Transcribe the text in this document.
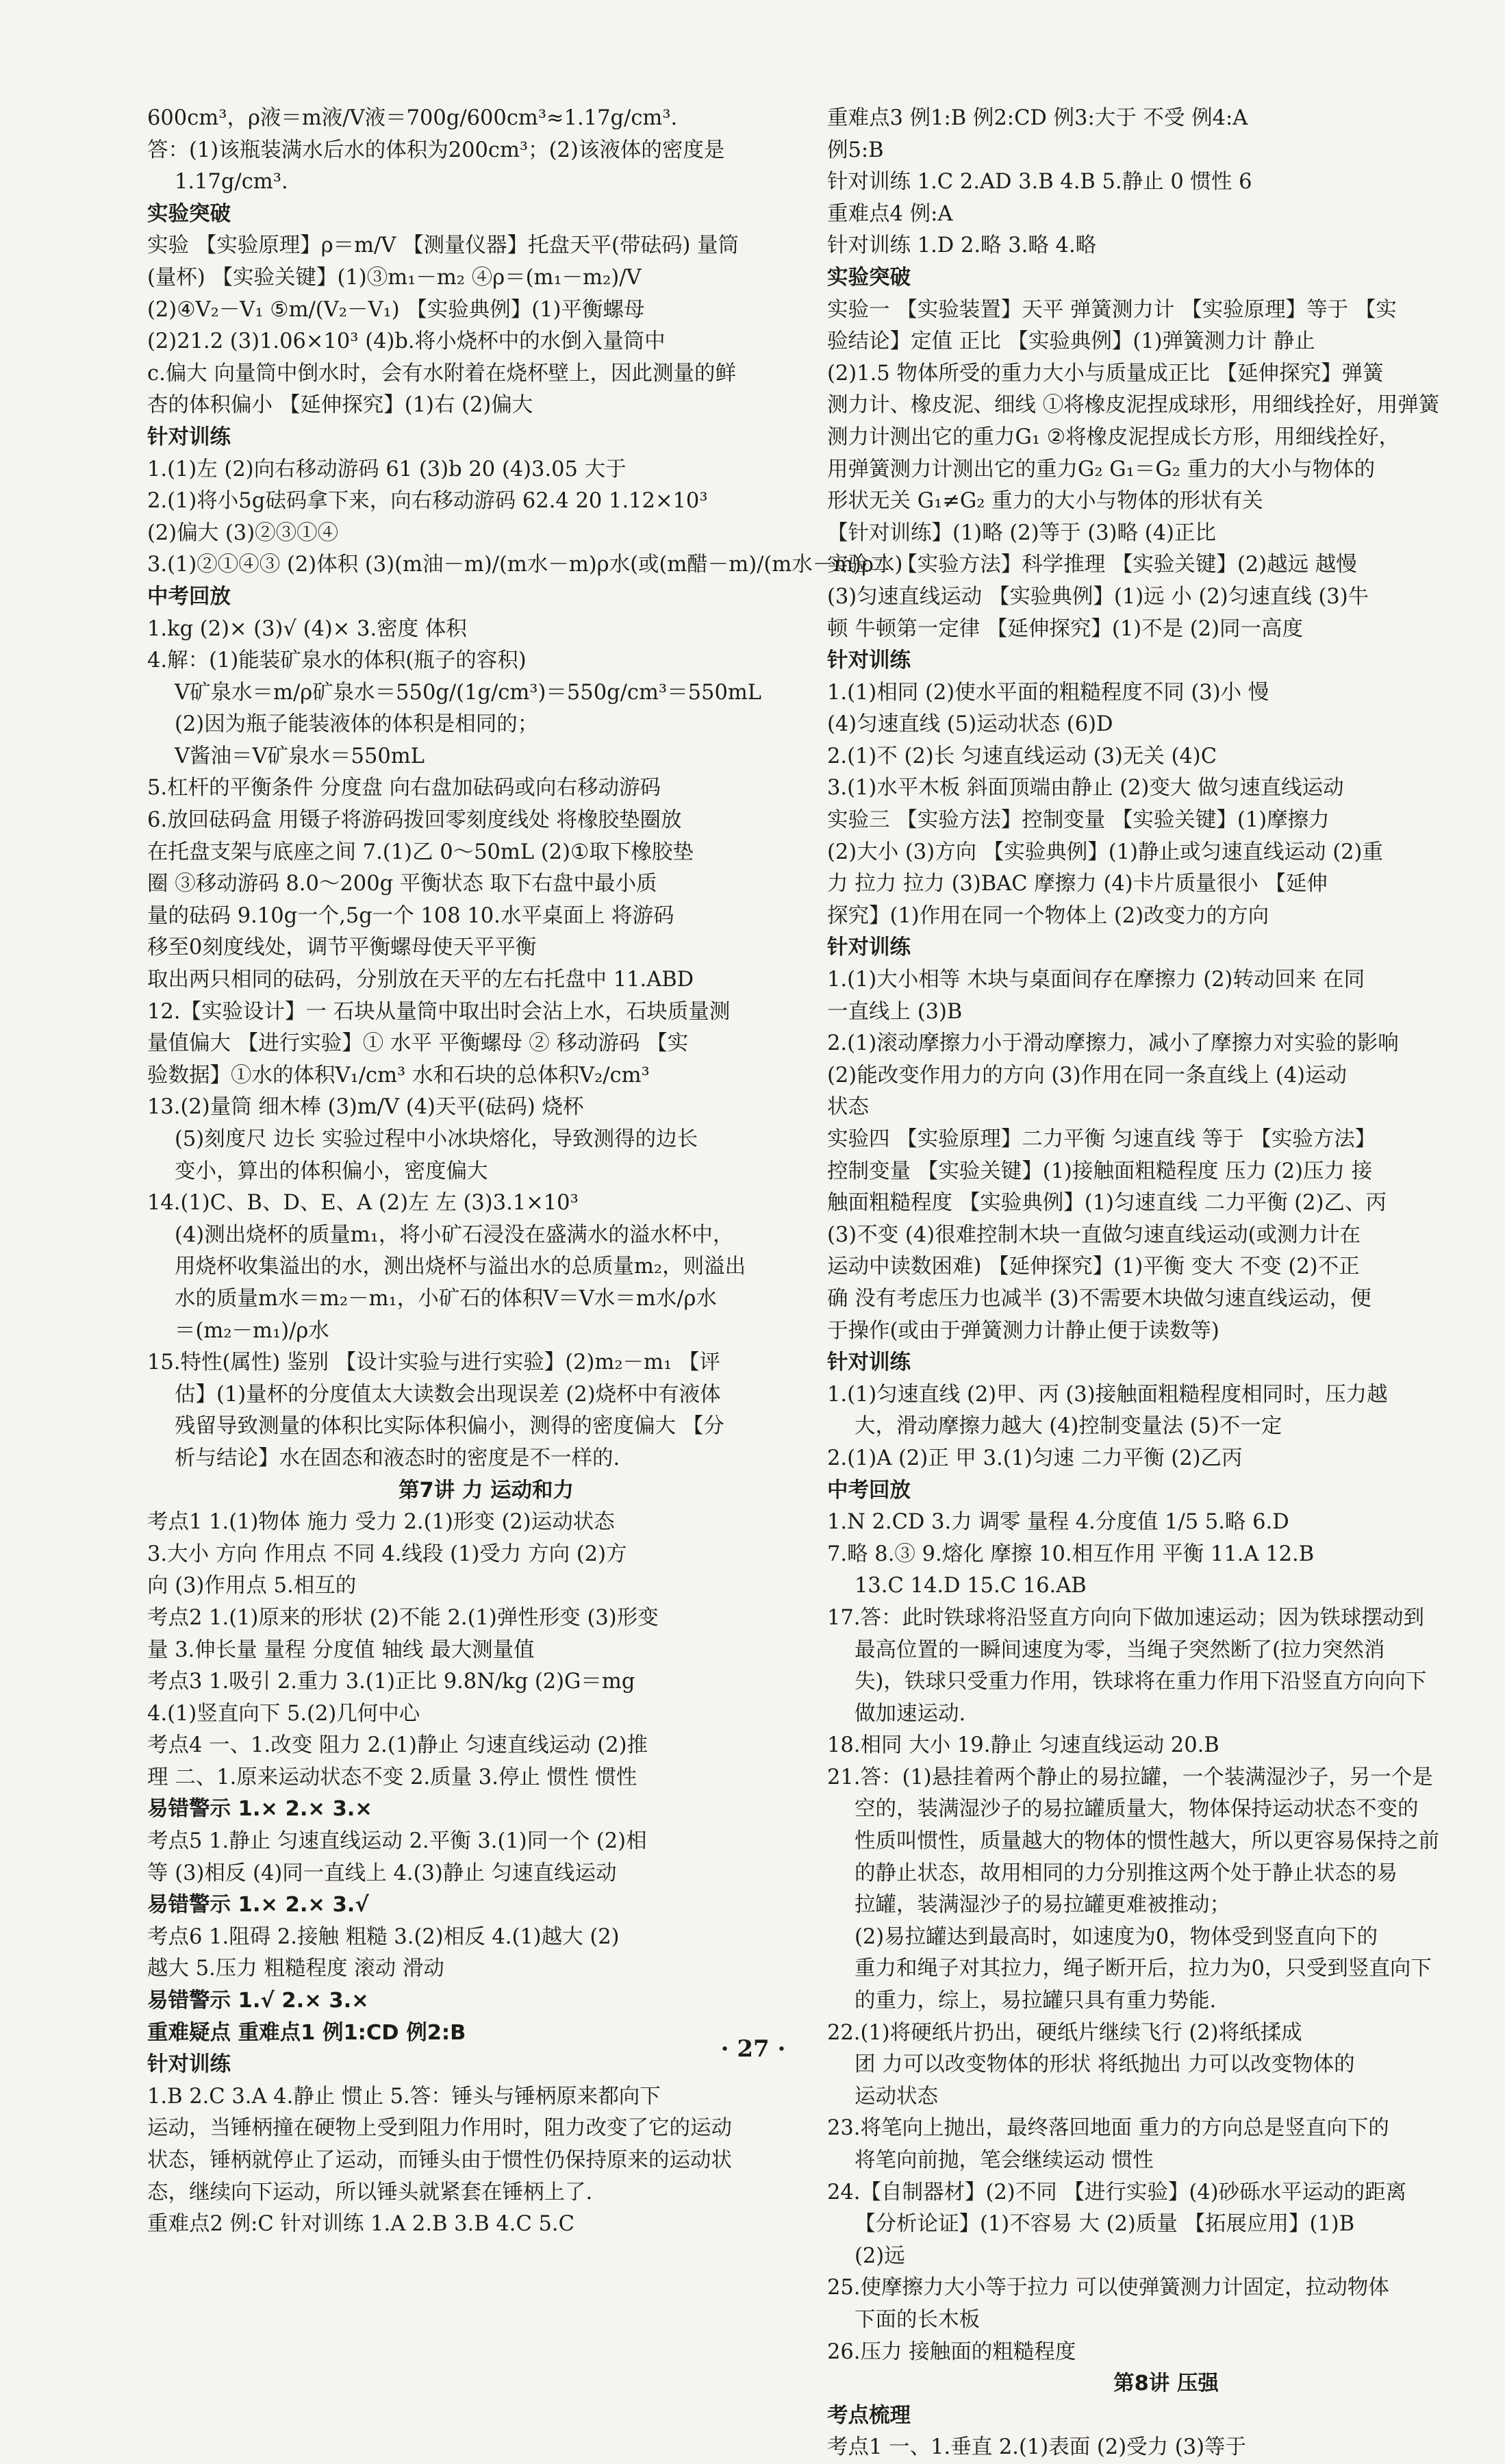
600cm³，ρ液＝m液/V液＝700g/600cm³≈1.17g/cm³.
答：(1)该瓶装满水后水的体积为200cm³；(2)该液体的密度是
1.17g/cm³.
实验突破
实验 【实验原理】ρ＝m/V 【测量仪器】托盘天平(带砝码) 量筒
(量杯) 【实验关键】(1)③m₁－m₂ ④ρ＝(m₁－m₂)/V
(2)④V₂－V₁ ⑤m/(V₂－V₁) 【实验典例】(1)平衡螺母
(2)21.2 (3)1.06×10³ (4)b.将小烧杯中的水倒入量筒中
c.偏大 向量筒中倒水时，会有水附着在烧杯壁上，因此测量的鲜
杏的体积偏小 【延伸探究】(1)右 (2)偏大
针对训练
1.(1)左 (2)向右移动游码 61 (3)b 20 (4)3.05 大于
2.(1)将小5g砝码拿下来，向右移动游码 62.4 20 1.12×10³
(2)偏大 (3)②③①④
3.(1)②①④③ (2)体积 (3)(m油－m)/(m水－m)ρ水(或(m醋－m)/(m水－m)ρ水)
中考回放
1.kg (2)× (3)√ (4)× 3.密度 体积
4.解：(1)能装矿泉水的体积(瓶子的容积)
V矿泉水＝m/ρ矿泉水＝550g/(1g/cm³)＝550g/cm³＝550mL
(2)因为瓶子能装液体的体积是相同的；
V酱油＝V矿泉水＝550mL
5.杠杆的平衡条件 分度盘 向右盘加砝码或向右移动游码
6.放回砝码盒 用镊子将游码拨回零刻度线处 将橡胶垫圈放
在托盘支架与底座之间 7.(1)乙 0～50mL (2)①取下橡胶垫
圈 ③移动游码 8.0～200g 平衡状态 取下右盘中最小质
量的砝码 9.10g一个,5g一个 108 10.水平桌面上 将游码
移至0刻度线处，调节平衡螺母使天平平衡
取出两只相同的砝码，分别放在天平的左右托盘中 11.ABD
12.【实验设计】一 石块从量筒中取出时会沾上水，石块质量测
量值偏大 【进行实验】① 水平 平衡螺母 ② 移动游码 【实
验数据】①水的体积V₁/cm³ 水和石块的总体积V₂/cm³
13.(2)量筒 细木棒 (3)m/V (4)天平(砝码) 烧杯
(5)刻度尺 边长 实验过程中小冰块熔化，导致测得的边长
变小，算出的体积偏小，密度偏大
14.(1)C、B、D、E、A (2)左 左 (3)3.1×10³
(4)测出烧杯的质量m₁，将小矿石浸没在盛满水的溢水杯中，
用烧杯收集溢出的水，测出烧杯与溢出水的总质量m₂，则溢出
水的质量m水＝m₂－m₁，小矿石的体积V＝V水＝m水/ρ水
＝(m₂－m₁)/ρ水
15.特性(属性) 鉴别 【设计实验与进行实验】(2)m₂－m₁ 【评
估】(1)量杯的分度值太大读数会出现误差 (2)烧杯中有液体
残留导致测量的体积比实际体积偏小，测得的密度偏大 【分
析与结论】水在固态和液态时的密度是不一样的.
第7讲 力 运动和力
考点1 1.(1)物体 施力 受力 2.(1)形变 (2)运动状态
3.大小 方向 作用点 不同 4.线段 (1)受力 方向 (2)方
向 (3)作用点 5.相互的
考点2 1.(1)原来的形状 (2)不能 2.(1)弹性形变 (3)形变
量 3.伸长量 量程 分度值 轴线 最大测量值
考点3 1.吸引 2.重力 3.(1)正比 9.8N/kg (2)G＝mg
4.(1)竖直向下 5.(2)几何中心
考点4 一、1.改变 阻力 2.(1)静止 匀速直线运动 (2)推
理 二、1.原来运动状态不变 2.质量 3.停止 惯性 惯性
易错警示 1.× 2.× 3.×
考点5 1.静止 匀速直线运动 2.平衡 3.(1)同一个 (2)相
等 (3)相反 (4)同一直线上 4.(3)静止 匀速直线运动
易错警示 1.× 2.× 3.√
考点6 1.阻碍 2.接触 粗糙 3.(2)相反 4.(1)越大 (2)
越大 5.压力 粗糙程度 滚动 滑动
易错警示 1.√ 2.× 3.×
重难疑点 重难点1 例1:CD 例2:B
针对训练
1.B 2.C 3.A 4.静止 惯止 5.答：锤头与锤柄原来都向下
运动，当锤柄撞在硬物上受到阻力作用时，阻力改变了它的运动
状态，锤柄就停止了运动，而锤头由于惯性仍保持原来的运动状
态，继续向下运动，所以锤头就紧套在锤柄上了.
重难点2 例:C 针对训练 1.A 2.B 3.B 4.C 5.C
重难点3 例1:B 例2:CD 例3:大于 不受 例4:A
例5:B
针对训练 1.C 2.AD 3.B 4.B 5.静止 0 惯性 6
重难点4 例:A
针对训练 1.D 2.略 3.略 4.略
实验突破
实验一 【实验装置】天平 弹簧测力计 【实验原理】等于 【实
验结论】定值 正比 【实验典例】(1)弹簧测力计 静止
(2)1.5 物体所受的重力大小与质量成正比 【延伸探究】弹簧
测力计、橡皮泥、细线 ①将橡皮泥捏成球形，用细线拴好，用弹簧
测力计测出它的重力G₁ ②将橡皮泥捏成长方形，用细线拴好，
用弹簧测力计测出它的重力G₂ G₁＝G₂ 重力的大小与物体的
形状无关 G₁≠G₂ 重力的大小与物体的形状有关
【针对训练】(1)略 (2)等于 (3)略 (4)正比
实验二 【实验方法】科学推理 【实验关键】(2)越远 越慢
(3)匀速直线运动 【实验典例】(1)远 小 (2)匀速直线 (3)牛
顿 牛顿第一定律 【延伸探究】(1)不是 (2)同一高度
针对训练
1.(1)相同 (2)使水平面的粗糙程度不同 (3)小 慢
(4)匀速直线 (5)运动状态 (6)D
2.(1)不 (2)长 匀速直线运动 (3)无关 (4)C
3.(1)水平木板 斜面顶端由静止 (2)变大 做匀速直线运动
实验三 【实验方法】控制变量 【实验关键】(1)摩擦力
(2)大小 (3)方向 【实验典例】(1)静止或匀速直线运动 (2)重
力 拉力 拉力 (3)BAC 摩擦力 (4)卡片质量很小 【延伸
探究】(1)作用在同一个物体上 (2)改变力的方向
针对训练
1.(1)大小相等 木块与桌面间存在摩擦力 (2)转动回来 在同
一直线上 (3)B
2.(1)滚动摩擦力小于滑动摩擦力，减小了摩擦力对实验的影响
(2)能改变作用力的方向 (3)作用在同一条直线上 (4)运动
状态
实验四 【实验原理】二力平衡 匀速直线 等于 【实验方法】
控制变量 【实验关键】(1)接触面粗糙程度 压力 (2)压力 接
触面粗糙程度 【实验典例】(1)匀速直线 二力平衡 (2)乙、丙
(3)不变 (4)很难控制木块一直做匀速直线运动(或测力计在
运动中读数困难) 【延伸探究】(1)平衡 变大 不变 (2)不正
确 没有考虑压力也减半 (3)不需要木块做匀速直线运动，便
于操作(或由于弹簧测力计静止便于读数等)
针对训练
1.(1)匀速直线 (2)甲、丙 (3)接触面粗糙程度相同时，压力越
大，滑动摩擦力越大 (4)控制变量法 (5)不一定
2.(1)A (2)正 甲 3.(1)匀速 二力平衡 (2)乙丙
中考回放
1.N 2.CD 3.力 调零 量程 4.分度值 1/5 5.略 6.D
7.略 8.③ 9.熔化 摩擦 10.相互作用 平衡 11.A 12.B
13.C 14.D 15.C 16.AB
17.答：此时铁球将沿竖直方向向下做加速运动；因为铁球摆动到
最高位置的一瞬间速度为零，当绳子突然断了(拉力突然消
失)，铁球只受重力作用，铁球将在重力作用下沿竖直方向向下
做加速运动.
18.相同 大小 19.静止 匀速直线运动 20.B
21.答：(1)悬挂着两个静止的易拉罐，一个装满湿沙子，另一个是
空的，装满湿沙子的易拉罐质量大，物体保持运动状态不变的
性质叫惯性，质量越大的物体的惯性越大，所以更容易保持之前
的静止状态，故用相同的力分别推这两个处于静止状态的易
拉罐，装满湿沙子的易拉罐更难被推动；
(2)易拉罐达到最高时，如速度为0，物体受到竖直向下的
重力和绳子对其拉力，绳子断开后，拉力为0，只受到竖直向下
的重力，综上，易拉罐只具有重力势能.
22.(1)将硬纸片扔出，硬纸片继续飞行 (2)将纸揉成
团 力可以改变物体的形状 将纸抛出 力可以改变物体的
运动状态
23.将笔向上抛出，最终落回地面 重力的方向总是竖直向下的
将笔向前抛，笔会继续运动 惯性
24.【自制器材】(2)不同 【进行实验】(4)砂砾水平运动的距离
【分析论证】(1)不容易 大 (2)质量 【拓展应用】(1)B
(2)远
25.使摩擦力大小等于拉力 可以使弹簧测力计固定，拉动物体
下面的长木板
26.压力 接触面的粗糙程度
第8讲 压强
考点梳理
考点1 一、1.垂直 2.(1)表面 (2)受力 (3)等于
· 27 ·
